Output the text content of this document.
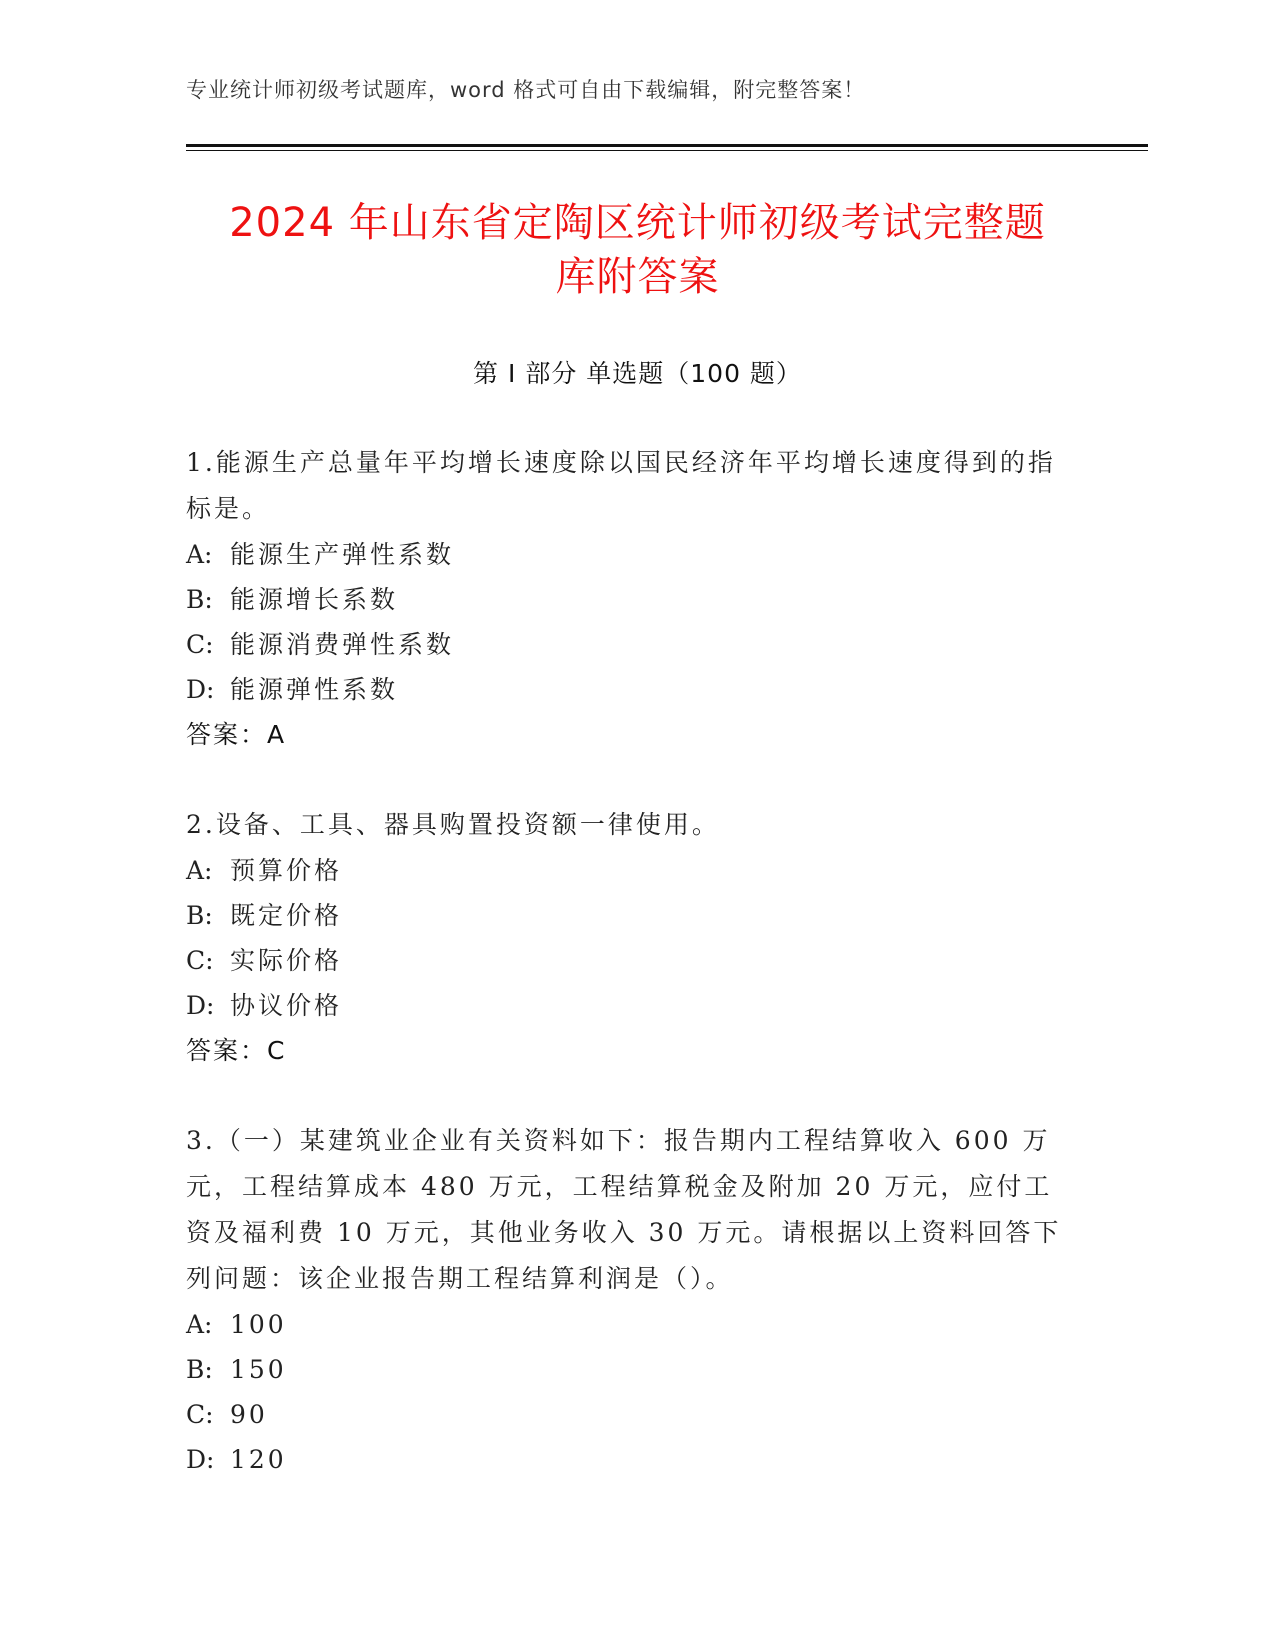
专业统计师初级考试题库，word 格式可自由下载编辑，附完整答案！
2024 年山东省定陶区统计师初级考试完整题
库附答案
第 I 部分 单选题（100 题）

1.能源生产总量年平均增长速度除以国民经济年平均增长速度得到的指标是。

A: 能源生产弹性系数

B: 能源增长系数

C: 能源消费弹性系数

D: 能源弹性系数

答案：A

2.设备、工具、器具购置投资额一律使用。

A: 预算价格

B: 既定价格

C: 实际价格

D: 协议价格

答案：C

3.（一）某建筑业企业有关资料如下：报告期内工程结算收入 600 万元，工程结算成本 480 万元，工程结算税金及附加 20 万元，应付工资及福利费 10 万元，其他业务收入 30 万元。请根据以上资料回答下列问题：该企业报告期工程结算利润是（）。

A: 100

B: 150

C: 90

D: 120
